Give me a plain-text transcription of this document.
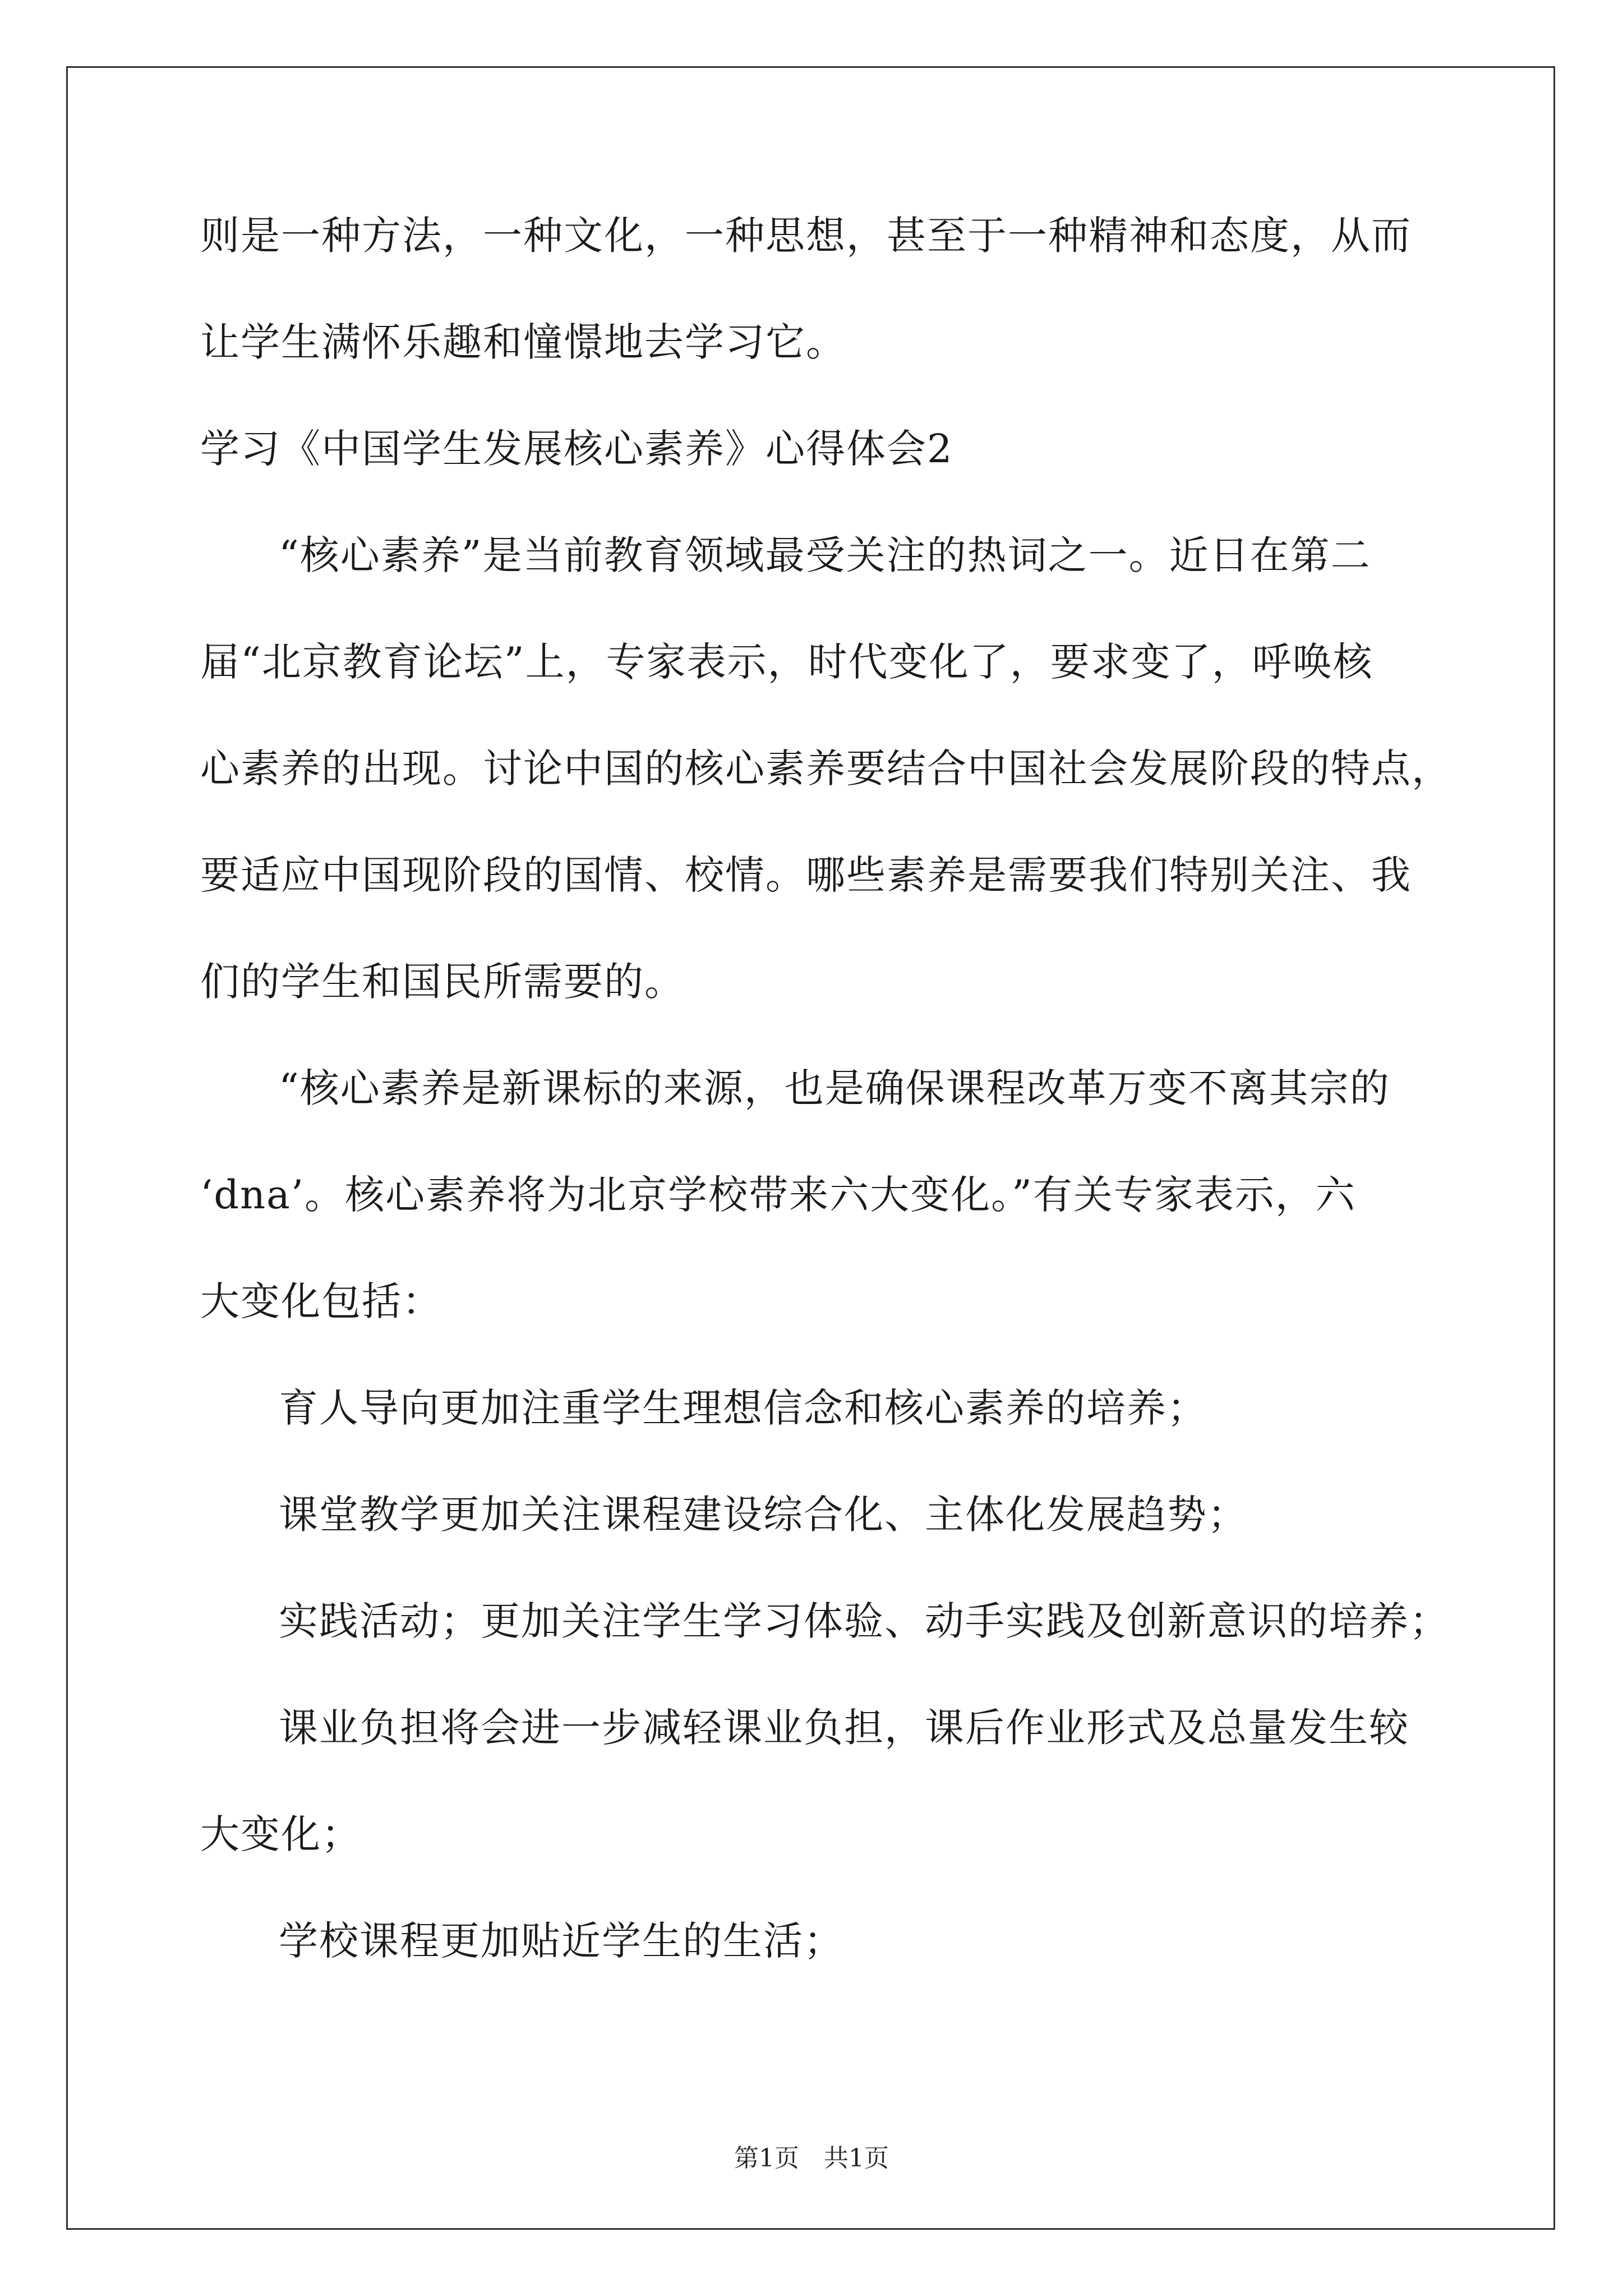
则是一种方法，一种文化，一种思想，甚至于一种精神和态度，从而
让学生满怀乐趣和憧憬地去学习它。
学习《中国学生发展核心素养》心得体会2
“核心素养”是当前教育领域最受关注的热词之一。近日在第二
届“北京教育论坛”上，专家表示，时代变化了，要求变了，呼唤核
心素养的出现。讨论中国的核心素养要结合中国社会发展阶段的特点，
要适应中国现阶段的国情、校情。哪些素养是需要我们特别关注、我
们的学生和国民所需要的。
“核心素养是新课标的来源，也是确保课程改革万变不离其宗的
‘dna’。核心素养将为北京学校带来六大变化。”有关专家表示，六
大变化包括：
育人导向更加注重学生理想信念和核心素养的培养；
课堂教学更加关注课程建设综合化、主体化发展趋势；
实践活动；更加关注学生学习体验、动手实践及创新意识的培养；
课业负担将会进一步减轻课业负担，课后作业形式及总量发生较
大变化；
学校课程更加贴近学生的生活；
第1页　共1页
